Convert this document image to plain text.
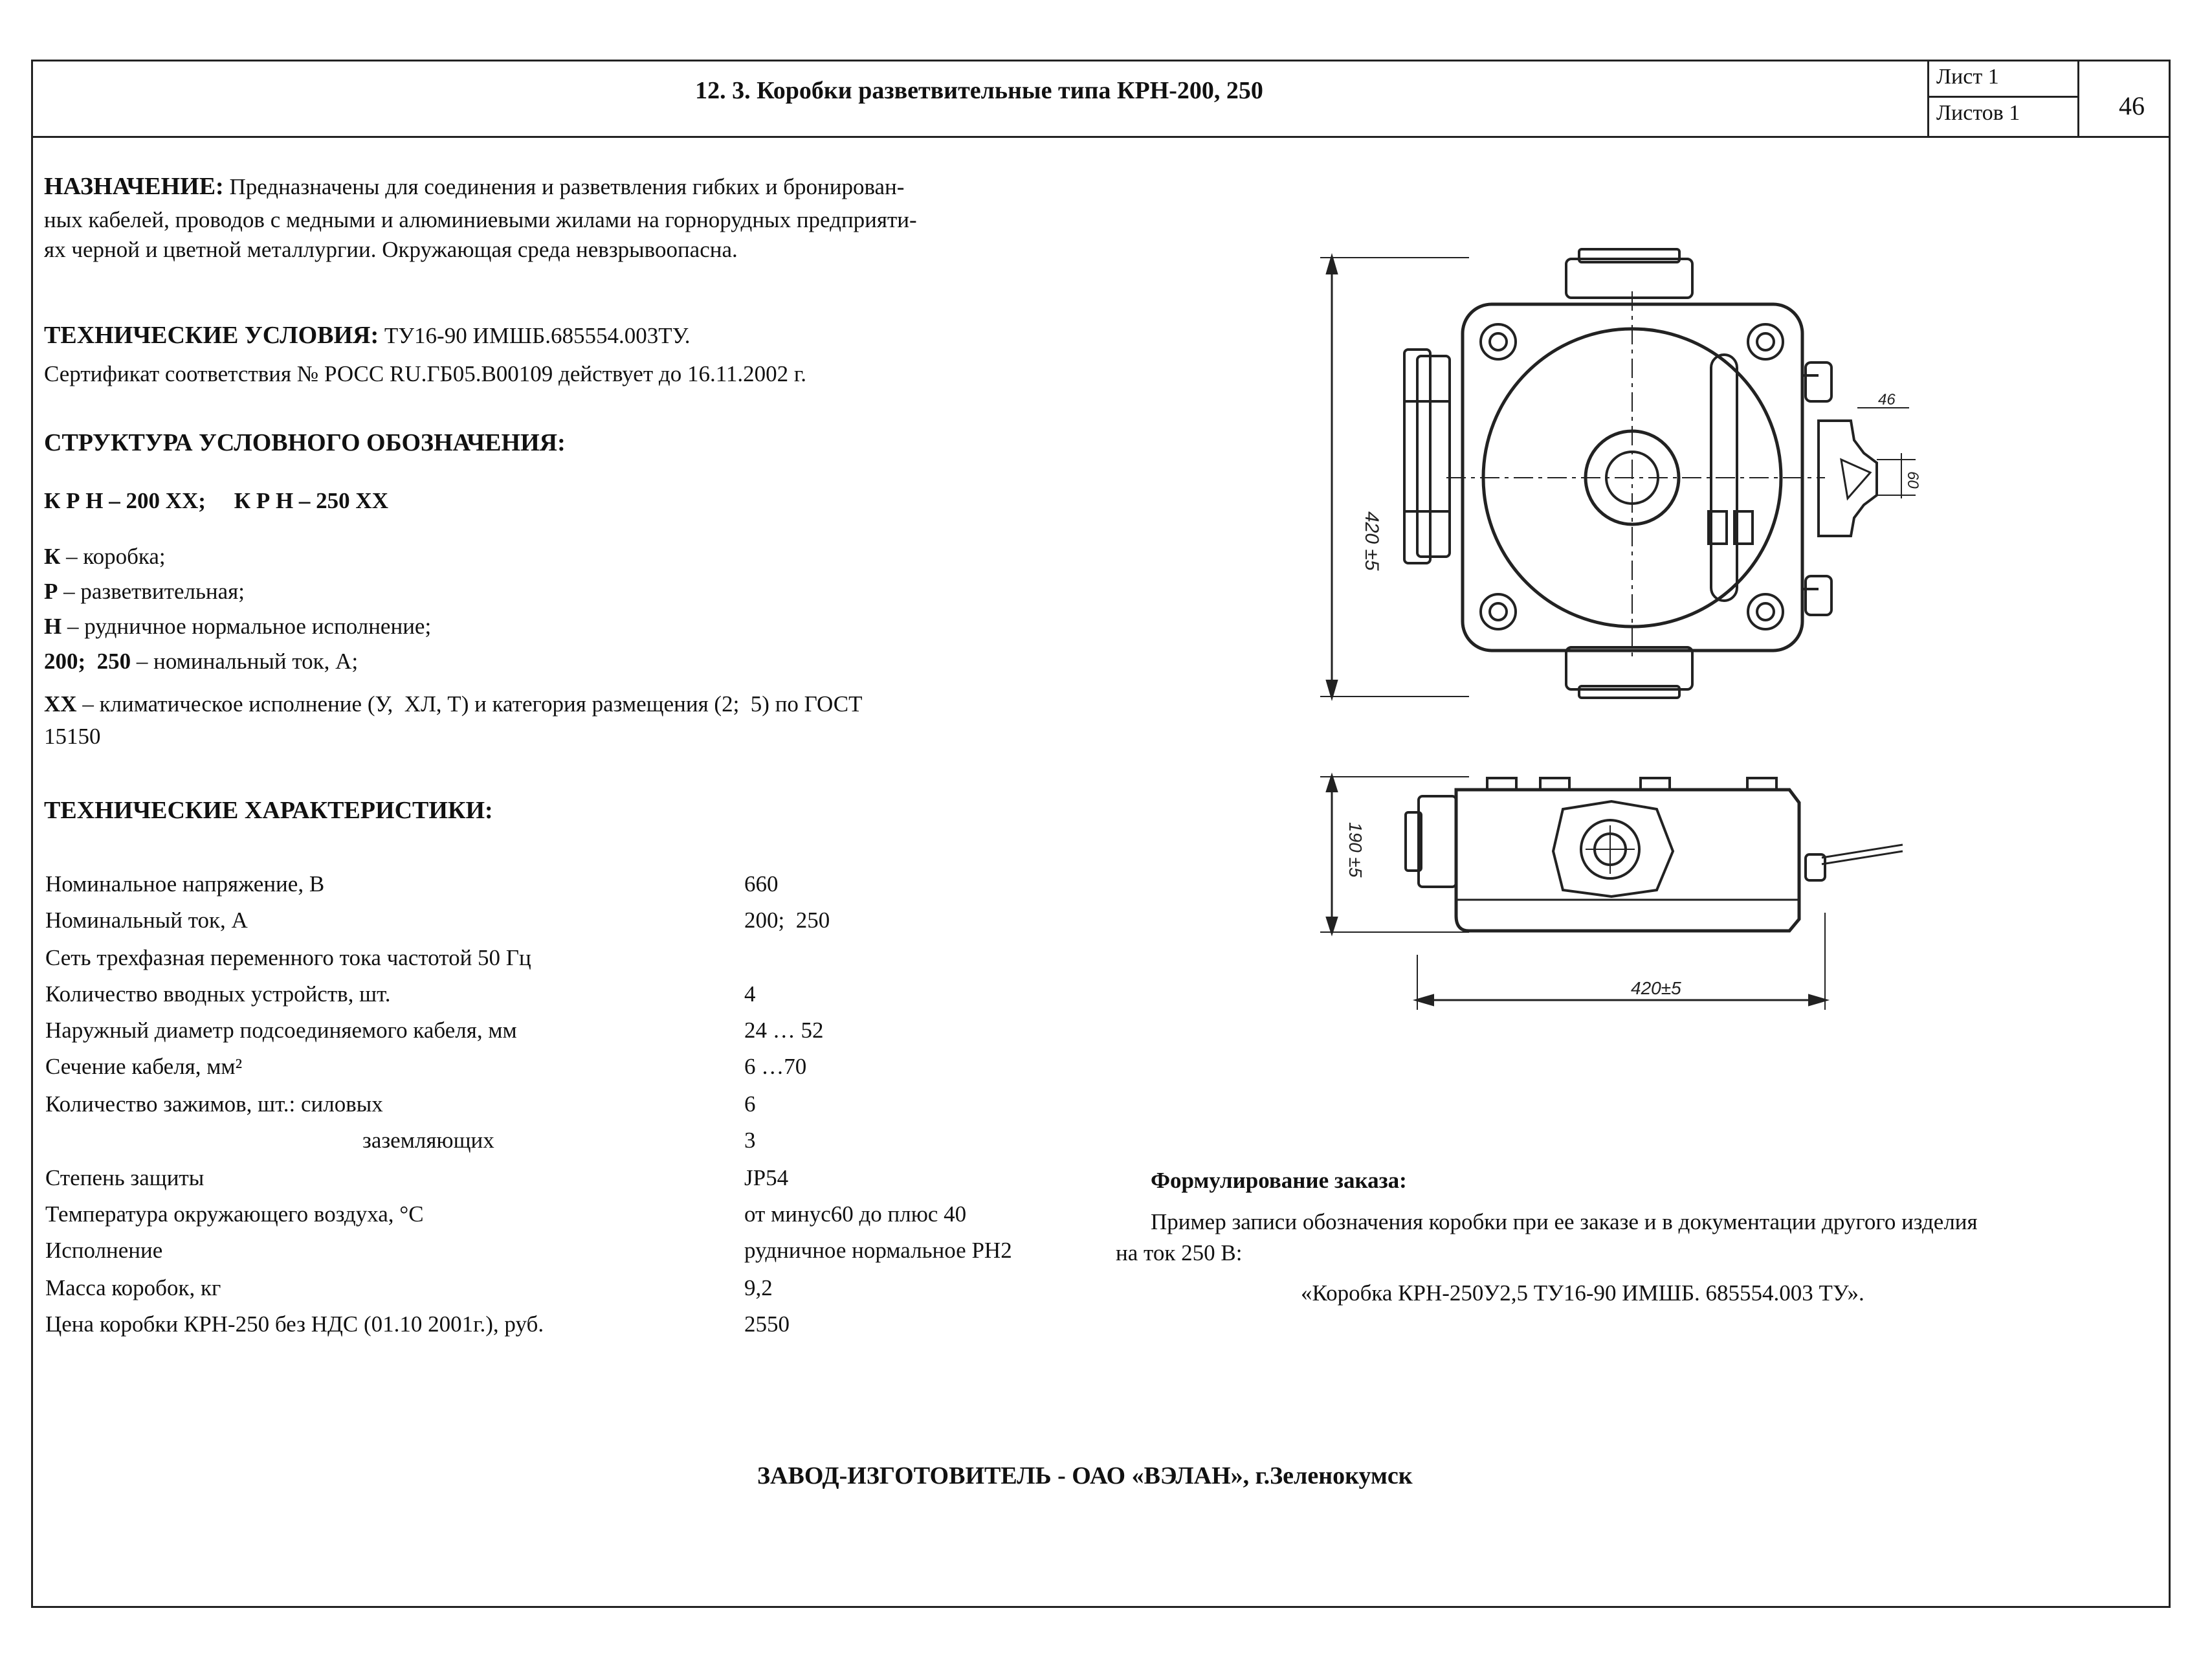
12. 3. Коробки разветвительные типа КРН-200, 250
Лист 1
Листов 1	46
НАЗНАЧЕНИЕ: Предназначены для соединения и разветвления гибких и бронирован-
ных кабелей, проводов с медными и алюминиевыми жилами на горнорудных предприяти-
ях черной и цветной металлургии. Окружающая среда невзрывоопасна.
ТЕХНИЧЕСКИЕ УСЛОВИЯ: ТУ16-90 ИМШБ.685554.003ТУ.
Сертификат соответствия № РОСС RU.ГБ05.В00109 действует до 16.11.2002 г.
СТРУКТУРА УСЛОВНОГО ОБОЗНАЧЕНИЯ:
К Р Н – 200 ХХ;     К Р Н – 250 ХХ
К – коробка;
Р – разветвительная;
Н – рудничное нормальное исполнение;
200;  250 – номинальный ток, А;
ХХ – климатическое исполнение (У,  ХЛ, Т) и категория размещения (2;  5) по ГОСТ
15150
ТЕХНИЧЕСКИЕ ХАРАКТЕРИСТИКИ:
Номинальное напряжение, В	660
Номинальный ток, А	200;  250
Сеть трехфазная переменного тока частотой 50 Гц
Количество вводных устройств, шт.	4
Наружный диаметр подсоединяемого кабеля, мм	24 … 52
Сечение кабеля, мм²	6 …70
Количество зажимов, шт.: силовых	6
заземляющих	3
Степень защиты	JP54
Температура окружающего воздуха, °С	от минус60 до плюс 40
Исполнение	рудничное нормальное РН2
Масса коробок, кг	9,2
Цена коробки КРН-250 без НДС (01.10 2001г.), руб.	2550
Формулирование заказа:
Пример записи обозначения коробки при ее заказе и в документации другого изделия
на ток 250 В:
«Коробка КРН-250У2,5 ТУ16-90 ИМШБ. 685554.003 ТУ».
ЗАВОД-ИЗГОТОВИТЕЛЬ - ОАО «ВЭЛАН», г.Зеленокумск
420 ±5
46
60
190 ±5
420±5
